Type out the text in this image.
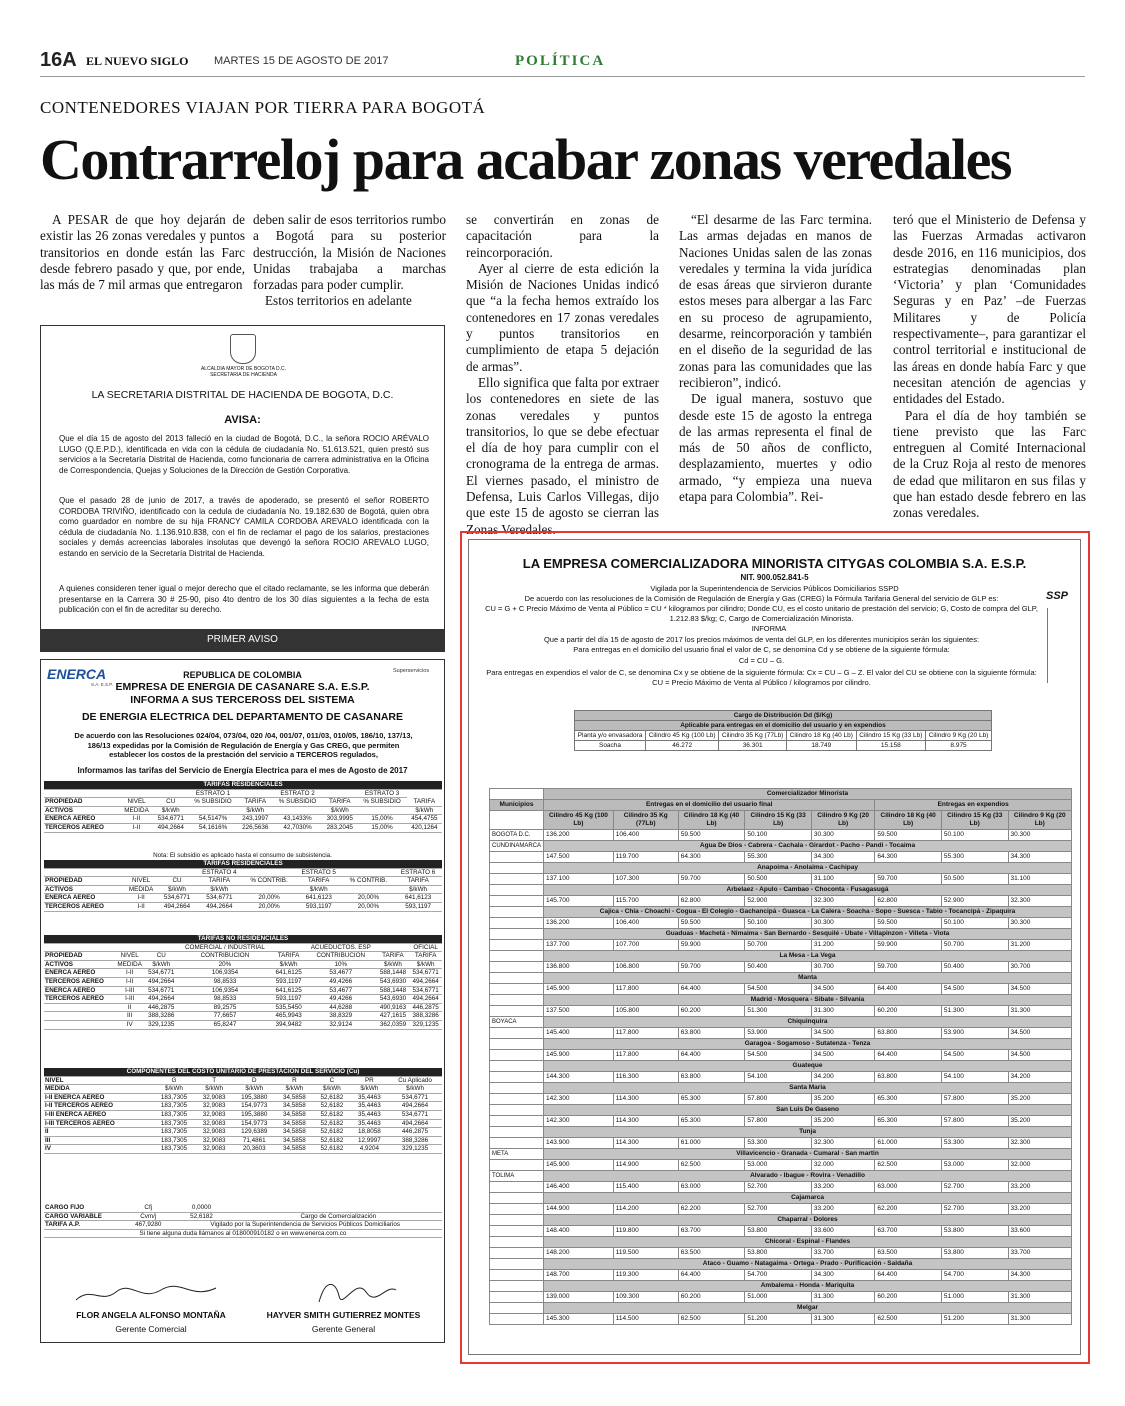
16A EL NUEVO SIGLO MARTES 15 DE AGOSTO DE 2017	POLÍTICA
CONTENEDORES VIAJAN POR TIERRA PARA BOGOTÁ
Contrarreloj para acabar zonas veredales

A PESAR de que hoy dejarán de existir las 26 zonas veredales y puntos transitorios en donde están las Farc desde febrero pasado y que, por ende, las más de 7 mil armas que entregaron

deben salir de esos territorios rumbo a Bogotá para su posterior destrucción, la Misión de Naciones Unidas trabajaba a marchas forzadas para poder cumplir.

Estos territorios en adelante

se convertirán en zonas de capacitación para la reincorporación.

Ayer al cierre de esta edición la Misión de Naciones Unidas indicó que “a la fecha hemos extraído los contenedores en 17 zonas veredales y puntos transitorios en cumplimiento de etapa 5 dejación de armas”.

Ello significa que falta por extraer los contenedores en siete de las zonas veredales y puntos transitorios, lo que se debe efectuar el día de hoy para cumplir con el cronograma de la entrega de armas. El viernes pasado, el ministro de Defensa, Luis Carlos Villegas, dijo que este 15 de agosto se cierran las Zonas Veredales.

“El desarme de las Farc termina. Las armas dejadas en manos de Naciones Unidas salen de las zonas veredales y termina la vida jurídica de esas áreas que sirvieron durante estos meses para albergar a las Farc en su proceso de agrupamiento, desarme, reincorporación y también en el diseño de la seguridad de las zonas para las comunidades que las recibieron”, indicó.

De igual manera, sostuvo que desde este 15 de agosto la entrega de las armas representa el final de más de 50 años de conflicto, desplazamiento, muertes y odio armado, “y empieza una nueva etapa para Colombia”. Rei-

teró que el Ministerio de Defensa y las Fuerzas Armadas activaron desde 2016, en 116 municipios, dos estrategias denominadas plan ‘Victoria’ y plan ‘Comunidades Seguras y en Paz’ –de Fuerzas Militares y de Policía respectivamente–, para garantizar el control territorial e institucional de las áreas en donde había Farc y que necesitan atención de agencias y entidades del Estado.

Para el día de hoy también se tiene previsto que las Farc entreguen al Comité Internacional de la Cruz Roja al resto de menores de edad que militaron en sus filas y que han estado desde febrero en las zonas veredales.

ALCALDIA MAYOR DE BOGOTA D.C. SECRETARIA DE HACIENDA
LA SECRETARIA DISTRITAL DE HACIENDA DE BOGOTA, D.C.
AVISA:
Que el día 15 de agosto del 2013 falleció en la ciudad de Bogotá, D.C., la señora ROCIO ARÉVALO LUGO (Q.E.P.D.), identificada en vida con la cédula de ciudadanía No. 51.613.521, quien prestó sus servicios a la Secretaría Distrital de Hacienda, como funcionaria de carrera administrativa en la Oficina de Correspondencia, Quejas y Soluciones de la Dirección de Gestión Corporativa.
Que el pasado 28 de junio de 2017, a través de apoderado, se presentó el señor ROBERTO CORDOBA TRIVIÑO, identificado con la cedula de ciudadanía No. 19.182.630 de Bogotá, quien obra como guardador en nombre de su hija FRANCY CAMILA CORDOBA AREVALO identificada con la cédula de ciudadanía No. 1.136.910.838, con el fin de reclamar el pago de los salarios, prestaciones sociales y demás acreencias laborales insolutas que devengó la señora ROCIO AREVALO LUGO, estando en servicio de la Secretaría Distrital de Hacienda.
A quienes consideren tener igual o mejor derecho que el citado reclamante, se les informa que deberán presentarse en la Carrera 30 # 25-90, piso 4to dentro de los 30 días siguientes a la fecha de esta publicación con el fin de acreditar su derecho.
PRIMER AVISO
ENERCA
S.A. E.S.P.
Superservicios
REPUBLICA DE COLOMBIA
EMPRESA DE ENERGIA DE CASANARE S.A. E.S.P.
INFORMA A SUS TERCEROSS DEL SISTEMA
DE ENERGIA ELECTRICA DEL DEPARTAMENTO DE CASANARE
De acuerdo con las Resoluciones 024/04, 073/04, 020 /04, 001/07, 011/03, 010/05, 186/10, 137/13, 186/13 expedidas por la Comisión de Regulación de Energía y Gas CREG, que permiten establecer los costos de la prestación del servicio a TERCEROS regulados,
Informamos las tarifas del Servicio de Energía Electrica para el mes de Agosto de 2017
TARIFAS RESIDENCIALES								
			ESTRATO 1		ESTRATO 2		ESTRATO 3	
PROPIEDAD	NIVEL	CU	% SUBSIDIO	TARIFA	% SUBSIDIO	TARIFA	% SUBSIDIO	TARIFA
ACTIVOS	MEDIDA	$/kWh		$/kWh		$/kWh		$/kWh
ENERCA AEREO	I-II	534,6771	54,5147%	243,1997	43,1433%	303,9995	15,00%	454,4755
TERCEROS AEREO	I-II	494,2664	54,1616%	226,5636	42,7030%	283,2045	15,00%	420,1264
Nota: El subsidio es aplicado hasta el consumo de subsistencia.
TARIFAS RESIDENCIALES							
			ESTRATO 4		ESTRATO 5		ESTRATO 6
PROPIEDAD	NIVEL	CU	TARIFA	% CONTRIB.	TARIFA	% CONTRIB.	TARIFA
ACTIVOS	MEDIDA	$/kWh	$/kWh		$/kWh		$/kWh
ENERCA AEREO	I-II	534,6771	534,6771	20,00%	641,6123	20,00%	641,6123
TERCEROS AEREO	I-II	494,2664	494,2664	20,00%	593,1197	20,00%	593,1197
TARIFAS NO RESIDENCIALES							
			COMERCIAL / INDUSTRIAL		ACUEDUCTOS. ESP		OFICIAL
PROPIEDAD	NIVEL	CU	CONTRIBUCION	TARIFA	CONTRIBUCION	TARIFA	TARIFA
ACTIVOS	MEDIDA	$/kWh	20%	$/kWh	10%	$/kWh	$/kWh
ENERCA AEREO	I-II	534,6771	106,9354	641,6125	53,4677	588,1448	534,6771
TERCEROS AEREO	I-II	494,2664	98,8533	593,1197	49,4266	543,6930	494,2664
ENERCA AEREO	I-III	534,6771	106,9354	641,6125	53,4677	588,1448	534,6771
TERCEROS AEREO	I-III	494,2664	98,8533	593,1197	49,4266	543,6930	494,2664
	II	446,2875	89,2575	535,5450	44,6288	490,9163	446,2875
	III	388,3286	77,6657	465,9943	38,8329	427,1615	388,3286
	IV	329,1235	65,8247	394,9482	32,9124	362,0359	329,1235
COMPONENTES DEL COSTO UNITARIO DE PRESTACION DEL SERVICIO (Cu)							
NIVEL	G	T	D	R	C	PR	Cu Aplicado
MEDIDA	$/kWh	$/kWh	$/kWh	$/kWh	$/kWh	$/kWh	$/kWh
I-II ENERCA AEREO	183,7305	32,9083	195,3880	34,5858	52,6182	35,4463	534,6771
I-II TERCEROS AEREO	183,7305	32,9083	154,9773	34,5858	52,6182	35,4463	494,2664
I-III ENERCA AEREO	183,7305	32,9083	195,3880	34,5858	52,6182	35,4463	534,6771
I-III TERCEROS AEREO	183,7305	32,9083	154,9773	34,5858	52,6182	35,4463	494,2664
II	183,7305	32,9083	129,6389	34,5858	52,6182	18,8058	446,2875
III	183,7305	32,9083	71,4861	34,5858	52,6182	12,9997	388,3286
IV	183,7305	32,9083	20,3603	34,5858	52,6182	4,9204	329,1235
CARGO FIJO	Cfj	0,0000	
CARGO VARIABLE	Cvm/j	52,6182	Cargo de Comercialización
TARIFA A.P.	467,9280	Vigilado por la Superintendencia de Servicios Públicos Domiciliarios	
Si tiene alguna duda llámanos al 018000910182 o en www.enerca.com.co			
FLOR ANGELA ALFONSO MONTAÑA
Gerente Comercial
HAYVER SMITH GUTIERREZ MONTES
Gerente General
LA EMPRESA COMERCIALIZADORA MINORISTA CITYGAS COLOMBIA S.A. E.S.P.
NIT. 900.052.841-5
Vigilada por la Superintendencia de Servicios Públicos Domiciliarios SSPD
De acuerdo con las resoluciones de la Comisión de Regulación de Energía y Gas (CREG) la Fórmula Tarifaria General del servicio de GLP es:
CU = G + C Precio Máximo de Venta al Público = CU * kilogramos por cilindro; Donde CU, es el costo unitario de prestación del servicio; G, Costo de compra del GLP, 1.212.83 $/kg; C, Cargo de Comercialización Minorista.
INFORMA
Que a partir del día 15 de agosto de 2017 los precios máximos de venta del GLP, en los diferentes municipios serán los siguientes:
Para entregas en el domicilio del usuario final el valor de C, se denomina Cd y se obtiene de la siguiente fórmula:
Cd = CU – G.
Para entregas en expendios el valor de C, se denomina Cx y se obtiene de la siguiente fórmula: Cx = CU – G – Z. El valor del CU se obtiene con la siguiente fórmula: CU = Precio Máximo de Venta al Público / kilogramos por cilindro.
SSP
Cargo de Distribución Dd ($/Kg)					
Aplicable para entregas en el domicilio del usuario y en expendios					
Planta y/o envasadora	Cilindro 45 Kg (100 Lb)	Cilindro 35 Kg (77Lb)	Cilindro 18 Kg (40 Lb)	Cilindro 15 Kg (33 Lb)	Cilindro 9 Kg (20 Lb)
Soacha	46.272	36.301	18.749	15.158	8.975
	Comercializador Minorista							
Municipios	Entregas en el domicilio del usuario final					Entregas en expendios		
	Cilindro 45 Kg (100 Lb)	Cilindro 35 Kg (77Lb)	Cilindro 18 Kg (40 Lb)	Cilindro 15 Kg (33 Lb)	Cilindro 9 Kg (20 Lb)	Cilindro 18 Kg (40 Lb)	Cilindro 15 Kg (33 Lb)	Cilindro 9 Kg (20 Lb)
BOGOTA D.C.	136.200	106.400	59.500	50.100	30.300	59.500	50.100	30.300
CUNDINAMARCA	Agua De Dios - Cabrera - Cachala - Girardot - Pacho - Pandi - Tocaima							
	147.500	119.700	64.300	55.300	34.300	64.300	55.300	34.300
	Anapoima - Anolaima - Cachipay							
	137.100	107.300	59.700	50.500	31.100	59.700	50.500	31.100
	Arbelaez - Apulo - Cambao - Choconta - Fusagasugá							
	145.700	115.700	62.800	52.900	32.300	62.800	52.900	32.300
	Cajica - Chia - Choachi - Cogua - El Colegio - Gachancipá - Guasca - La Calera - Soacha - Sopo - Suesca - Tabio - Tocancipá - Zipaquira							
	136.200	106.400	59.500	50.100	30.300	59.500	50.100	30.300
	Guaduas - Machetá - Nimaima - San Bernardo - Sesquilé - Ubate - Villapinzon - Villeta - Viota							
	137.700	107.700	59.900	50.700	31.200	59.900	50.700	31.200
	La Mesa - La Vega							
	136.800	106.800	59.700	50.400	30.700	59.700	50.400	30.700
	Manta							
	145.900	117.800	64.400	54.500	34.500	64.400	54.500	34.500
	Madrid - Mosquera - Sibate - Silvania							
	137.500	105.800	60.200	51.300	31.300	60.200	51.300	31.300
BOYACA	Chiquinquira							
	145.400	117.800	63.800	53.900	34.500	63.800	53.900	34.500
	Garagoa - Sogamoso - Sutatenza - Tenza							
	145.900	117.800	64.400	54.500	34.500	64.400	54.500	34.500
	Guateque							
	144.300	116.300	63.800	54.100	34.200	63.800	54.100	34.200
	Santa Maria							
	142.300	114.300	65.300	57.800	35.200	65.300	57.800	35.200
	San Luis De Gaseno							
	142.300	114.300	65.300	57.800	35.200	65.300	57.800	35.200
	Tunja							
	143.900	114.300	61.000	53.300	32.300	61.000	53.300	32.300
META	Villavicencio - Granada - Cumaral - San martin							
	145.900	114.900	62.500	53.000	32.000	62.500	53.000	32.000
TOLIMA	Alvarado - Ibague - Rovira - Venadillo							
	146.400	115.400	63.000	52.700	33.200	63.000	52.700	33.200
	Cajamarca							
	144.900	114.200	62.200	52.700	33.200	62.200	52.700	33.200
	Chaparral - Dolores							
	148.400	119.800	63.700	53.800	33.600	63.700	53.800	33.600
	Chicoral - Espinal - Flandes							
	148.200	119.500	63.500	53.800	33.700	63.500	53.800	33.700
	Ataco - Guamo - Natagaima - Ortega - Prado - Purificación - Saldaña							
	148.700	119.300	64.400	54.700	34.300	64.400	54.700	34.300
	Ambalema - Honda - Mariquita							
	139.000	109.300	60.200	51.000	31.300	60.200	51.000	31.300
	Melgar							
	145.300	114.500	62.500	51.200	31.300	62.500	51.200	31.300
